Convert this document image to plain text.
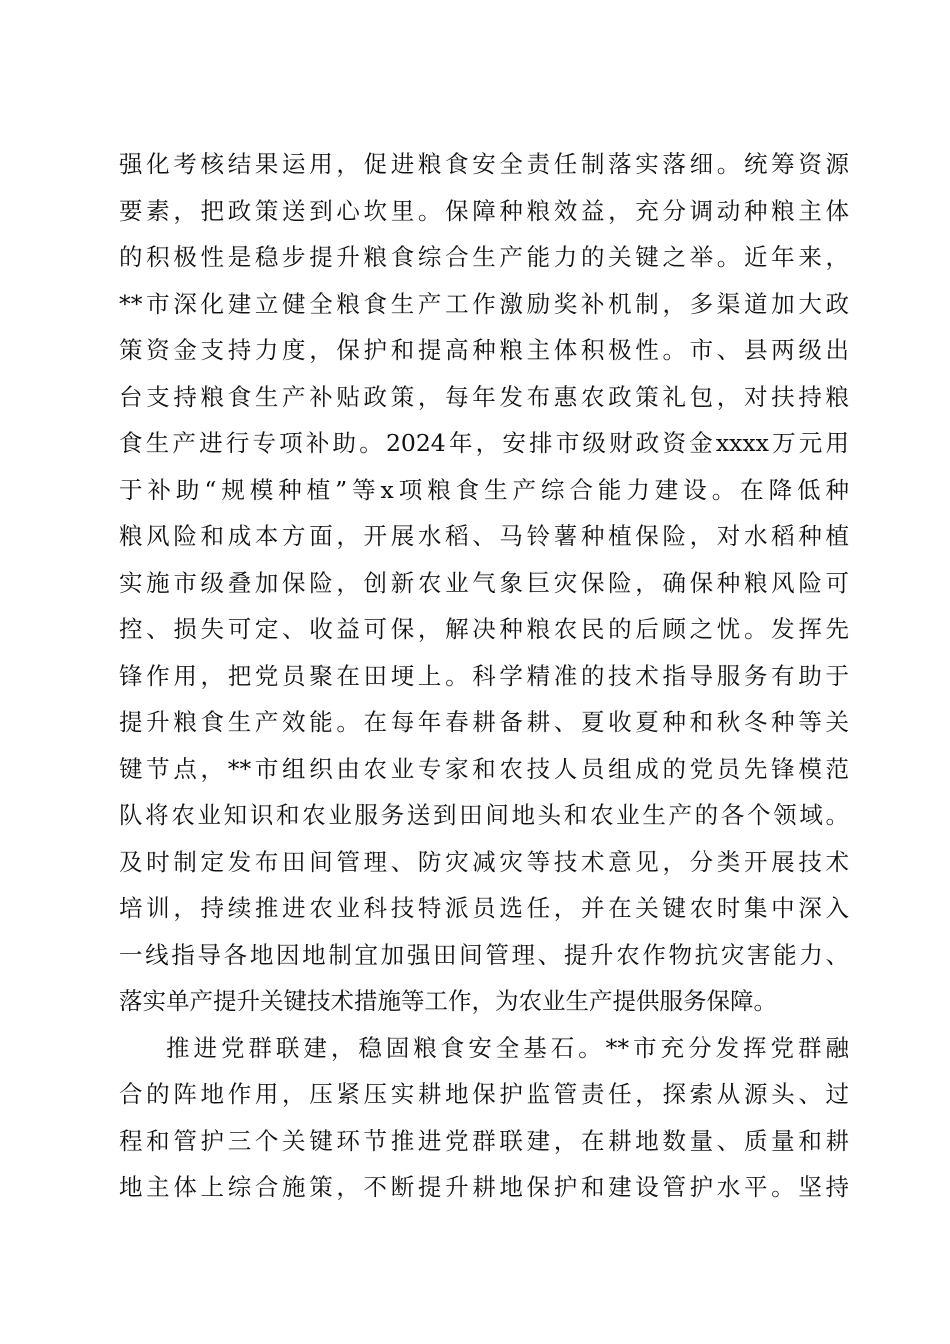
强化考核结果运用，促进粮食安全责任制落实落细。统筹资源
要素，把政策送到心坎里。保障种粮效益，充分调动种粮主体
的积极性是稳步提升粮食综合生产能力的关键之举。近年来，
**市深化建立健全粮食生产工作激励奖补机制，多渠道加大政
策资金支持力度，保护和提高种粮主体积极性。市、县两级出
台支持粮食生产补贴政策，每年发布惠农政策礼包，对扶持粮
食生产进行专项补助。2024年，安排市级财政资金xxxx万元用
于补助“规模种植”等x项粮食生产综合能力建设。在降低种
粮风险和成本方面，开展水稻、马铃薯种植保险，对水稻种植
实施市级叠加保险，创新农业气象巨灾保险，确保种粮风险可
控、损失可定、收益可保，解决种粮农民的后顾之忧。发挥先
锋作用，把党员聚在田埂上。科学精准的技术指导服务有助于
提升粮食生产效能。在每年春耕备耕、夏收夏种和秋冬种等关
键节点，**市组织由农业专家和农技人员组成的党员先锋模范
队将农业知识和农业服务送到田间地头和农业生产的各个领域。
及时制定发布田间管理、防灾减灾等技术意见，分类开展技术
培训，持续推进农业科技特派员选任，并在关键农时集中深入
一线指导各地因地制宜加强田间管理、提升农作物抗灾害能力、
落实单产提升关键技术措施等工作，为农业生产提供服务保障。
推进党群联建，稳固粮食安全基石。**市充分发挥党群融
合的阵地作用，压紧压实耕地保护监管责任，探索从源头、过
程和管护三个关键环节推进党群联建，在耕地数量、质量和耕
地主体上综合施策，不断提升耕地保护和建设管护水平。坚持
